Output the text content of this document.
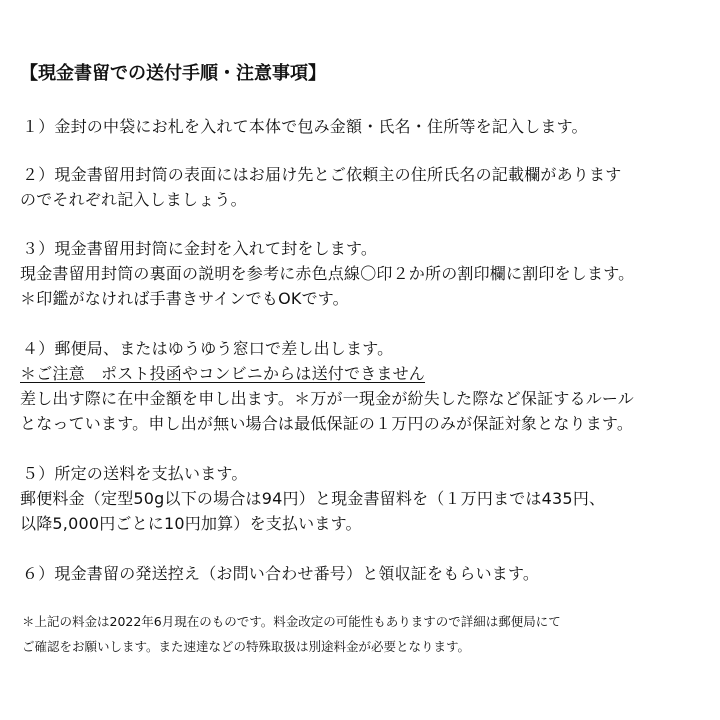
【現金書留での送付手順・注意事項】
１）金封の中袋にお札を入れて本体で包み金額・氏名・住所等を記入します。
２）現金書留用封筒の表面にはお届け先とご依頼主の住所氏名の記載欄があります
のでそれぞれ記入しましょう。
３）現金書留用封筒に金封を入れて封をします。
現金書留用封筒の裏面の説明を参考に赤色点線〇印２か所の割印欄に割印をします。
＊印鑑がなければ手書きサインでもOKです。
４）郵便局、またはゆうゆう窓口で差し出します。
＊ご注意　ポスト投函やコンビニからは送付できません
差し出す際に在中金額を申し出ます。＊万が一現金が紛失した際など保証するルール
となっています。申し出が無い場合は最低保証の１万円のみが保証対象となります。
５）所定の送料を支払います。
郵便料金（定型50g以下の場合は94円）と現金書留料を（１万円までは435円、
以降5,000円ごとに10円加算）を支払います。
６）現金書留の発送控え（お問い合わせ番号）と領収証をもらいます。
＊上記の料金は2022年6月現在のものです。料金改定の可能性もありますので詳細は郵便局にて
ご確認をお願いします。また速達などの特殊取扱は別途料金が必要となります。
